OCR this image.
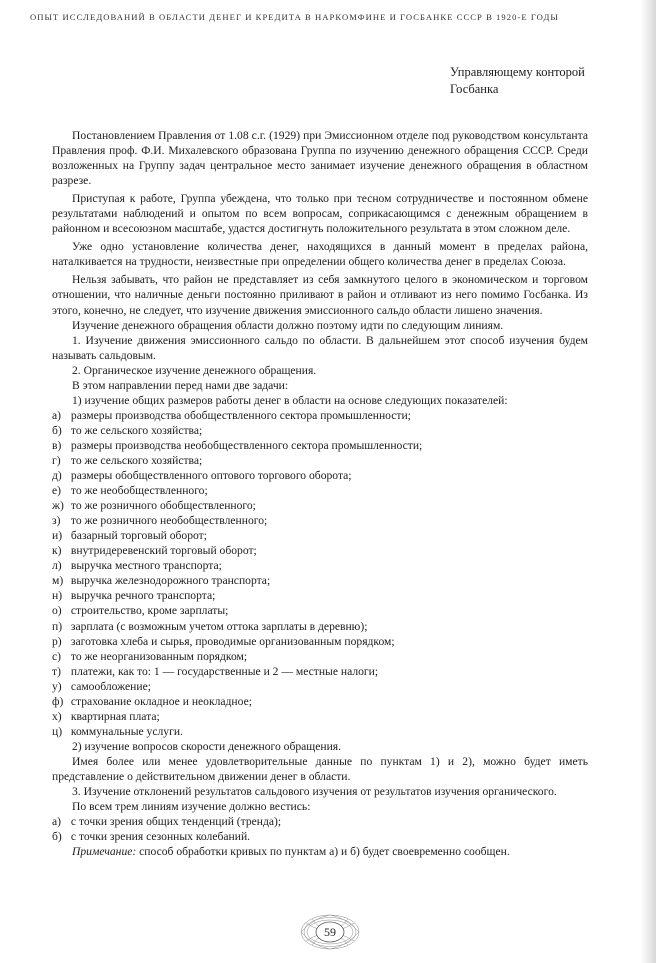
ОПЫТ ИССЛЕДОВАНИЙ В ОБЛАСТИ ДЕНЕГ И КРЕДИТА В НАРКОМФИНЕ И ГОСБАНКЕ СССР В 1920-Е ГОДЫ
Управляющему конторой
Госбанка

Постановлением Правления от 1.08 с.г. (1929) при Эмиссионном отделе под руководством консультанта Правления проф. Ф.И. Михалевского образована Группа по изучению денежного обращения СССР. Среди возложенных на Группу задач центральное место занимает изучение денежного обращения в областном разрезе.

Приступая к работе, Группа убеждена, что только при тесном сотрудничестве и постоянном обмене результатами наблюдений и опытом по всем вопросам, соприкасающимся с денежным обращением в районном и всесоюзном масштабе, удастся достигнуть положительного результата в этом сложном деле.

Уже одно установление количества денег, находящихся в данный момент в пределах района, наталкивается на трудности, неизвестные при определении общего количества денег в пределах Союза.

Нельзя забывать, что район не представляет из себя замкнутого целого в экономическом и торговом отношении, что наличные деньги постоянно приливают в район и отливают из него помимо Госбанка. Из этого, конечно, не следует, что изучение движения эмиссионного сальдо области лишено значения.

Изучение денежного обращения области должно поэтому идти по следующим линиям.

1. Изучение движения эмиссионного сальдо по области. В дальнейшем этот способ изучения будем называть сальдовым.

2. Органическое изучение денежного обращения.

В этом направлении перед нами две задачи:

1) изучение общих размеров работы денег в области на основе следующих показателей:

а) размеры производства обобществленного сектора промышленности;
б) то же сельского хозяйства;
в) размеры производства необобществленного сектора промышленности;
г) то же сельского хозяйства;
д) размеры обобществленного оптового торгового оборота;
е) то же необобществленного;
ж) то же розничного обобществленного;
з) то же розничного необобществленного;
и) базарный торговый оборот;
к) внутридеревенский торговый оборот;
л) выручка местного транспорта;
м) выручка железнодорожного транспорта;
н) выручка речного транспорта;
о) строительство, кроме зарплаты;
п) зарплата (с возможным учетом оттока зарплаты в деревню);
р) заготовка хлеба и сырья, проводимые организованным порядком;
с) то же неорганизованным порядком;
т) платежи, как то: 1 — государственные и 2 — местные налоги;
у) самообложение;
ф) страхование окладное и неокладное;
х) квартирная плата;
ц) коммунальные услуги.

2) изучение вопросов скорости денежного обращения.

Имея более или менее удовлетворительные данные по пунктам 1) и 2), можно будет иметь представление о действительном движении денег в области.

3. Изучение отклонений результатов сальдового изучения от результатов изучения органического.

По всем трем линиям изучение должно вестись:

а) с точки зрения общих тенденций (тренда);
б) с точки зрения сезонных колебаний.

Примечание: способ обработки кривых по пунктам а) и б) будет своевременно сообщен.

59
